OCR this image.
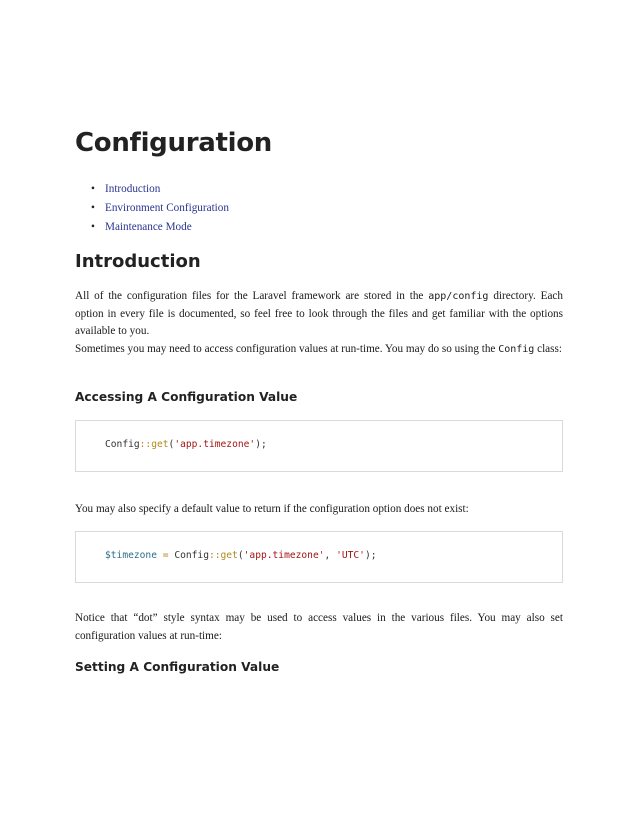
Configuration
• Introduction
• Environment Configuration
• Maintenance Mode
Introduction

All of the configuration files for the Laravel framework are stored in the app/config directory. Each option in every file is documented, so feel free to look through the files and get familiar with the options available to you.

Sometimes you may need to access configuration values at run-time. You may do so using the Config class:

Accessing A Configuration Value
Config::get('app.timezone');

You may also specify a default value to return if the configuration option does not exist:

$timezone = Config::get('app.timezone', 'UTC');

Notice that “dot” style syntax may be used to access values in the various files. You may also set configuration values at run-time:

Setting A Configuration Value
